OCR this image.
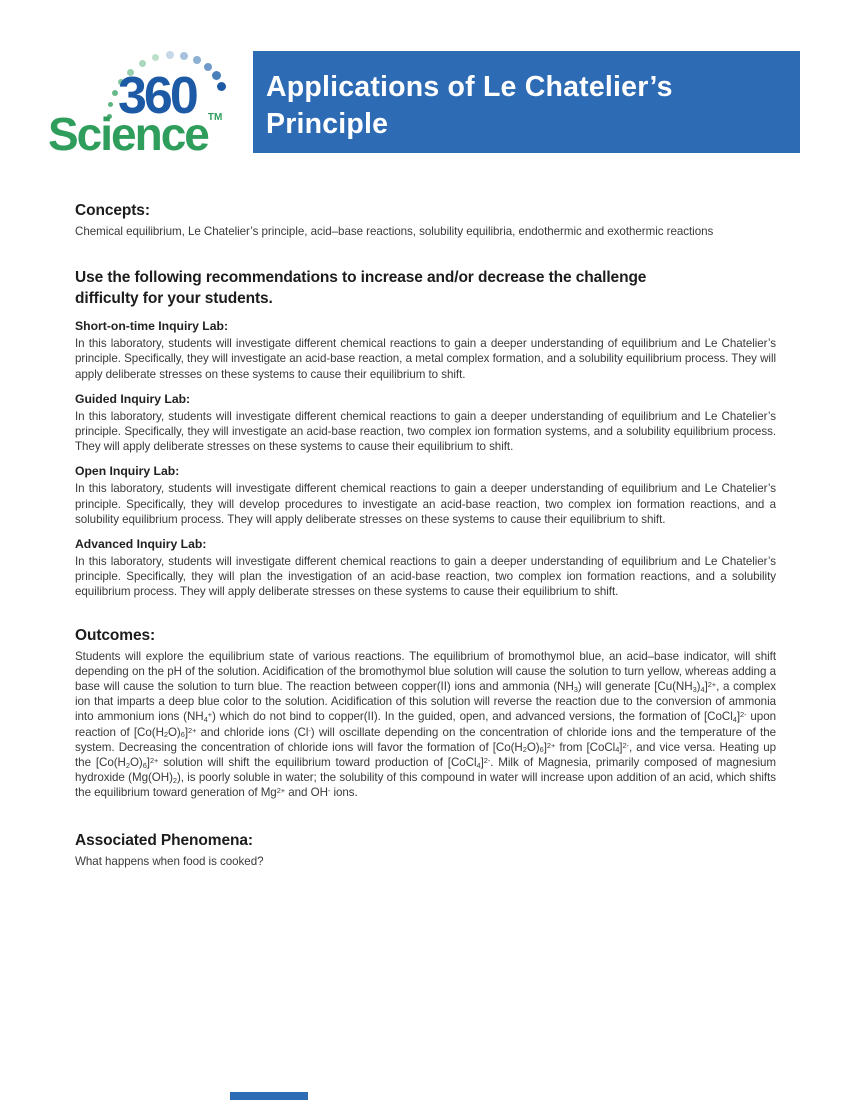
360
Science™
Applications of Le Chatelier’s
Principle
Concepts:

Chemical equilibrium, Le Chatelier’s principle, acid–base reactions, solubility equilibria, endothermic and exothermic reactions

Use the following recommendations to increase and/or decrease the challenge
difficulty for your students.
Short-on-time Inquiry Lab:

In this laboratory, students will investigate different chemical reactions to gain a deeper understanding of equilibrium and Le Chatelier’s principle. Specifically, they will investigate an acid-base reaction, a metal complex formation, and a solubility equilibrium process. They will apply deliberate stresses on these systems to cause their equilibrium to shift.

Guided Inquiry Lab:

In this laboratory, students will investigate different chemical reactions to gain a deeper understanding of equilibrium and Le Chatelier’s principle. Specifically, they will investigate an acid-base reaction, two complex ion formation systems, and a solubility equilibrium process. They will apply deliberate stresses on these systems to cause their equilibrium to shift.

Open Inquiry Lab:

In this laboratory, students will investigate different chemical reactions to gain a deeper understanding of equilibrium and Le Chatelier’s principle. Specifically, they will develop procedures to investigate an acid-base reaction, two complex ion formation reactions, and a solubility equilibrium process. They will apply deliberate stresses on these systems to cause their equilibrium to shift.

Advanced Inquiry Lab:

In this laboratory, students will investigate different chemical reactions to gain a deeper understanding of equilibrium and Le Chatelier’s principle. Specifically, they will plan the investigation of an acid-base reaction, two complex ion formation reactions, and a solubility equilibrium process. They will apply deliberate stresses on these systems to cause their equilibrium to shift.

Outcomes:

Students will explore the equilibrium state of various reactions. The equilibrium of bromothymol blue, an acid–base indicator, will shift depending on the pH of the solution. Acidification of the bromothymol blue solution will cause the solution to turn yellow, whereas adding a base will cause the solution to turn blue. The reaction between copper(II) ions and ammonia $(NH_3)$ will generate $[Cu(NH_3)_4]^{2+}$, a complex ion that imparts a deep blue color to the solution. Acidification of this solution will reverse the reaction due to the conversion of ammonia into ammonium ions $(NH_4^+)$ which do not bind to copper(II). In the guided, open, and advanced versions, the formation of [CoCl$_4$]$^{2-}$ upon reaction of $[Co(H_2O)_6]^{2+}$ and chloride ions (Cl-) will oscillate depending on the concentration of chloride ions and the temperature of the system. Decreasing the concentration of chloride ions will favor the formation of $[Co(H_2O)_6]^{2+}$ from [CoCl$_4$]$^{2-}$, and vice versa. Heating up the $[Co(H_2O)_6]^{2+}$ solution will shift the equilibrium toward production of [CoCl$_4$]$^{2-}$. Milk of Magnesia, primarily composed of magnesium hydroxide $(Mg(OH)_2)$, is poorly soluble in water; the solubility of this compound in water will increase upon addition of an acid, which shifts the equilibrium toward generation of $Mg^{2+}$ and OH- ions.

Associated Phenomena:

What happens when food is cooked?
